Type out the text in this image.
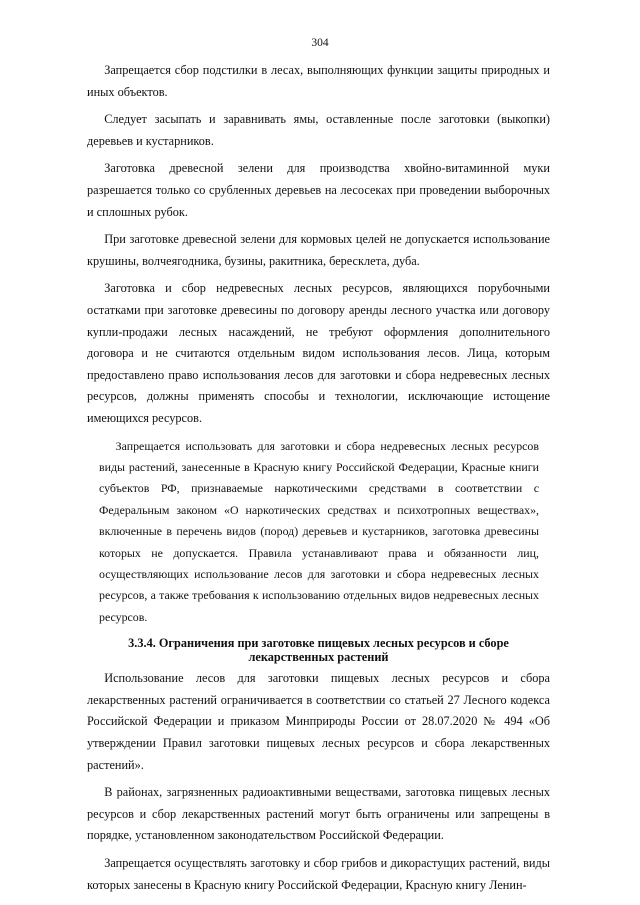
304

Запрещается сбор подстилки в лесах, выполняющих функции защиты природных и иных объектов.

Следует засыпать и заравнивать ямы, оставленные после заготовки (выкопки) деревьев и кустарников.

Заготовка древесной зелени для производства хвойно-витаминной муки разрешается только со срубленных деревьев на лесосеках при проведении выборочных и сплошных рубок.

При заготовке древесной зелени для кормовых целей не допускается использование крушины, волчеягодника, бузины, ракитника, бересклета, дуба.

Заготовка и сбор недревесных лесных ресурсов, являющихся порубочными остатками при заготовке древесины по договору аренды лесного участка или договору купли-продажи лесных насаждений, не требуют оформления дополнительного договора и не считаются отдельным видом использования лесов. Лица, которым предоставлено право использования лесов для заготовки и сбора недревесных лесных ресурсов, должны применять способы и технологии, исключающие истощение имеющихся ресурсов.

Запрещается использовать для заготовки и сбора недревесных лесных ресурсов виды растений, занесенные в Красную книгу Российской Федерации, Красные книги субъектов РФ, признаваемые наркотическими средствами в соответствии с Федеральным законом «О наркотических средствах и психотропных веществах», включенные в перечень видов (пород) деревьев и кустарников, заготовка древесины которых не допускается. Правила устанавливают права и обязанности лиц, осуществляющих использование лесов для заготовки и сбора недревесных лесных ресурсов, а также требования к использованию отдельных видов недревесных лесных ресурсов.

3.3.4. Ограничения при заготовке пищевых лесных ресурсов и сборе
лекарственных растений

Использование лесов для заготовки пищевых лесных ресурсов и сбора лекарственных растений ограничивается в соответствии со статьей 27 Лесного кодекса Российской Федерации и приказом Минприроды России от 28.07.2020 № 494 «Об утверждении Правил заготовки пищевых лесных ресурсов и сбора лекарственных растений».

В районах, загрязненных радиоактивными веществами, заготовка пищевых лесных ресурсов и сбор лекарственных растений могут быть ограничены или запрещены в порядке, установленном законодательством Российской Федерации.

Запрещается осуществлять заготовку и сбор грибов и дикорастущих растений, виды которых занесены в Красную книгу Российской Федерации, Красную книгу Ленин-
